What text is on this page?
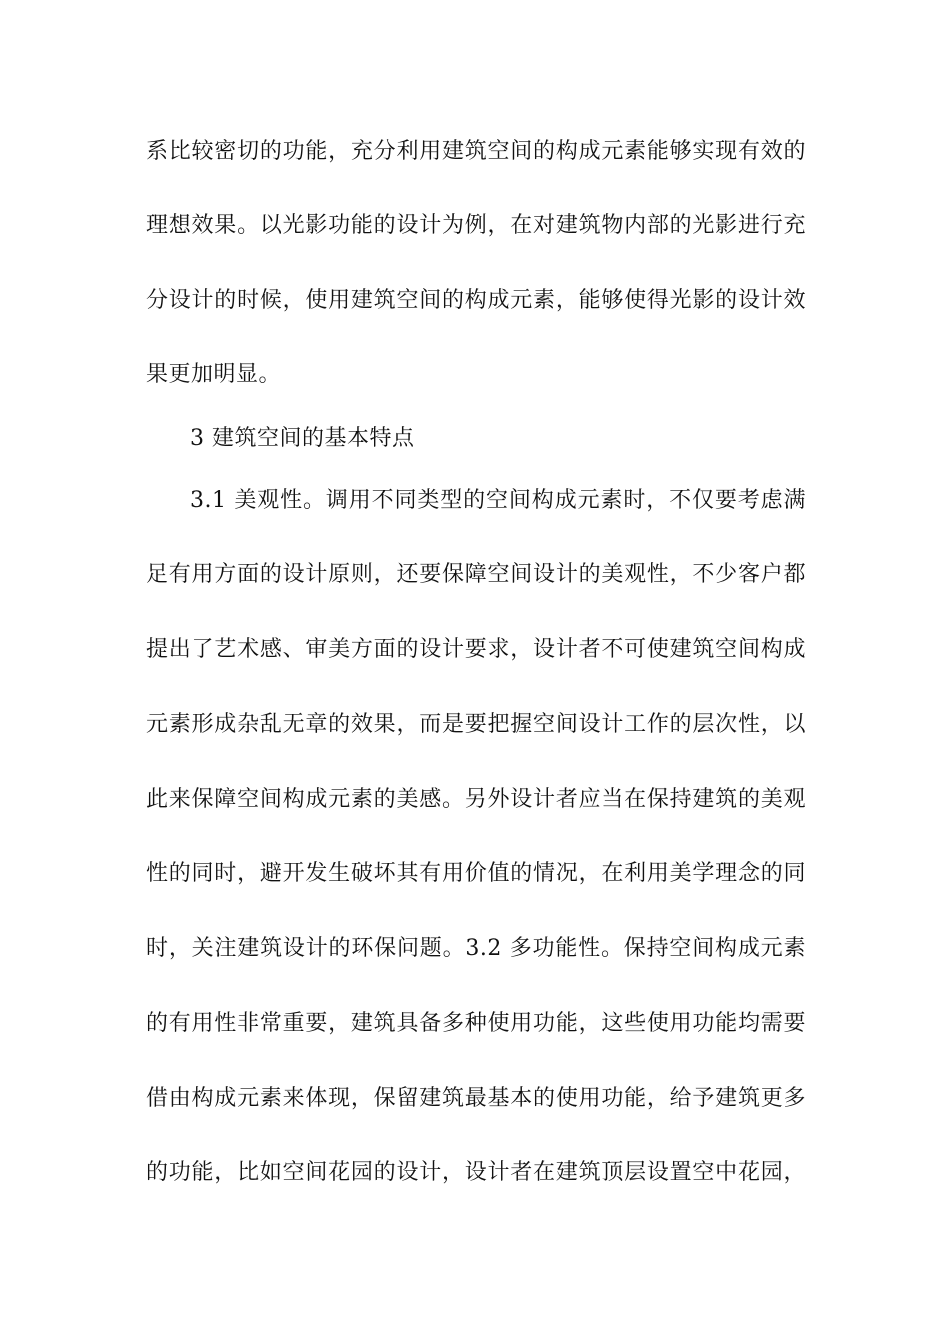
系比较密切的功能，充分利用建筑空间的构成元素能够实现有效的
理想效果。以光影功能的设计为例，在对建筑物内部的光影进行充
分设计的时候，使用建筑空间的构成元素，能够使得光影的设计效
果更加明显。
3 建筑空间的基本特点
3.1 美观性。调用不同类型的空间构成元素时，不仅要考虑满
足有用方面的设计原则，还要保障空间设计的美观性，不少客户都
提出了艺术感、审美方面的设计要求，设计者不可使建筑空间构成
元素形成杂乱无章的效果，而是要把握空间设计工作的层次性，以
此来保障空间构成元素的美感。另外设计者应当在保持建筑的美观
性的同时，避开发生破坏其有用价值的情况，在利用美学理念的同
时，关注建筑设计的环保问题。3.2 多功能性。保持空间构成元素
的有用性非常重要，建筑具备多种使用功能，这些使用功能均需要
借由构成元素来体现，保留建筑最基本的使用功能，给予建筑更多
的功能，比如空间花园的设计，设计者在建筑顶层设置空中花园，
